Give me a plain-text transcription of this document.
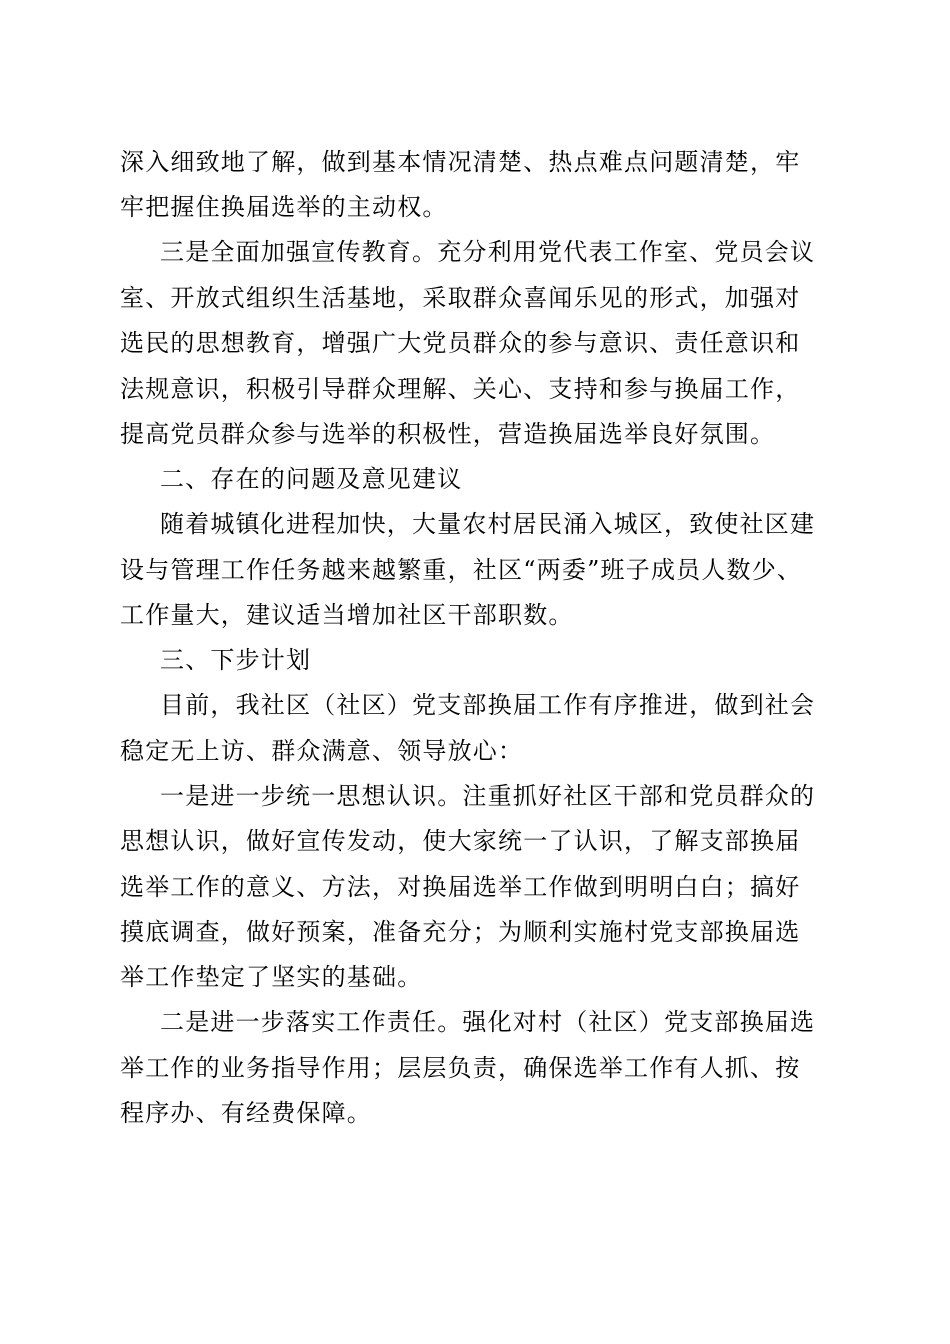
深入细致地了解，做到基本情况清楚、热点难点问题清楚，牢

牢把握住换届选举的主动权。

三是全面加强宣传教育。充分利用党代表工作室、党员会议

室、开放式组织生活基地，采取群众喜闻乐见的形式，加强对

选民的思想教育，增强广大党员群众的参与意识、责任意识和

法规意识，积极引导群众理解、关心、支持和参与换届工作，

提高党员群众参与选举的积极性，营造换届选举良好氛围。

二、存在的问题及意见建议

随着城镇化进程加快，大量农村居民涌入城区，致使社区建

设与管理工作任务越来越繁重，社区“两委”班子成员人数少、

工作量大，建议适当增加社区干部职数。

三、下步计划

目前，我社区（社区）党支部换届工作有序推进，做到社会

稳定无上访、群众满意、领导放心：

一是进一步统一思想认识。注重抓好社区干部和党员群众的

思想认识，做好宣传发动，使大家统一了认识，了解支部换届

选举工作的意义、方法，对换届选举工作做到明明白白；搞好

摸底调查，做好预案，准备充分；为顺利实施村党支部换届选

举工作垫定了坚实的基础。

二是进一步落实工作责任。强化对村（社区）党支部换届选

举工作的业务指导作用；层层负责，确保选举工作有人抓、按

程序办、有经费保障。
